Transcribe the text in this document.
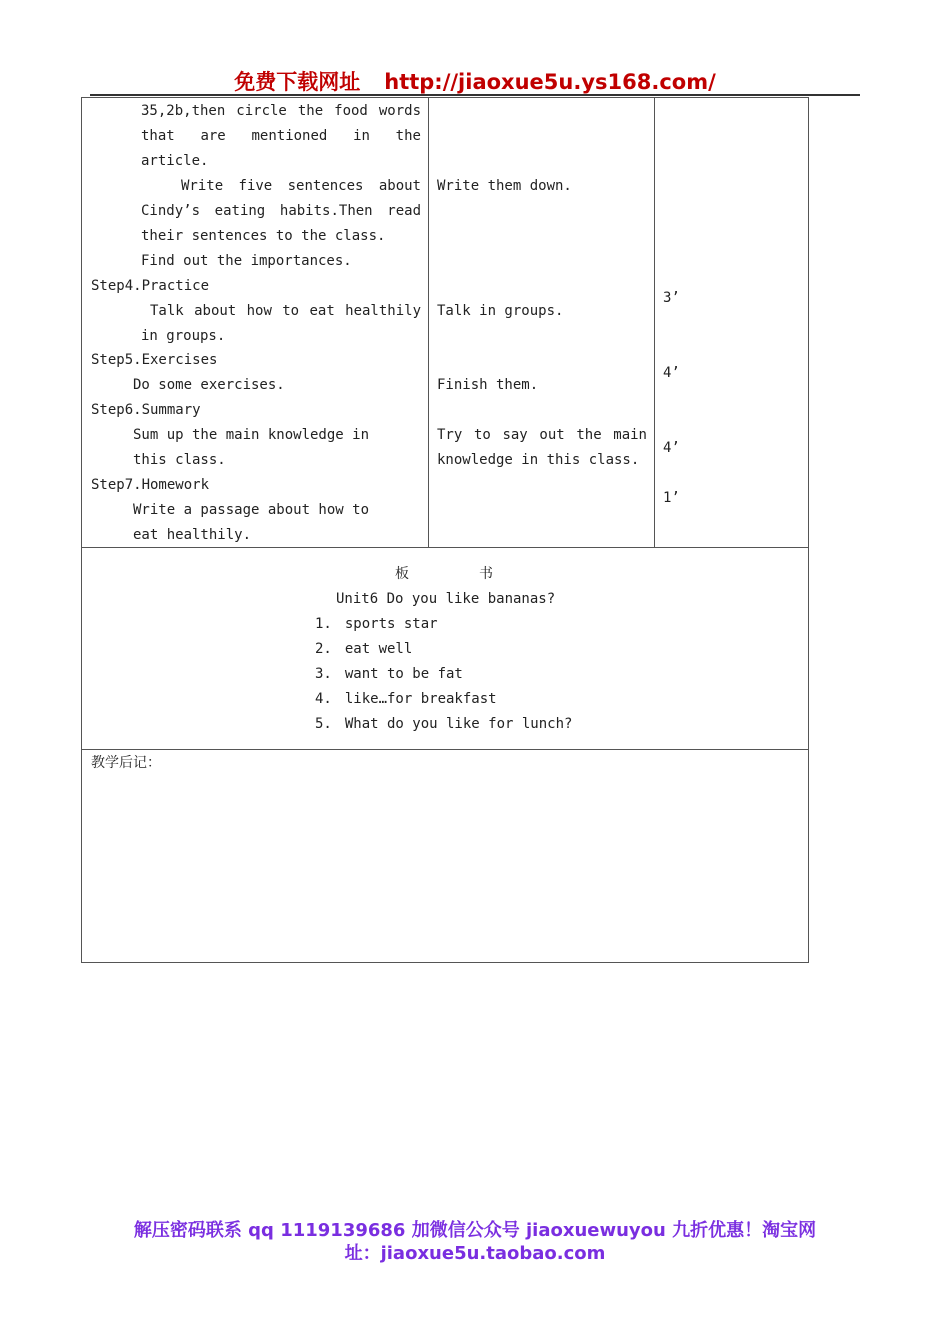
免费下载网址 http://jiaoxue5u.ys168.com/
35,2b,then circle the food words
that are mentioned in the
article.
Write five sentences about
Cindy’s eating habits.Then read
their sentences to the class.
Find out the importances.
Step4.Practice
Talk about how to eat healthily
in groups.
Step5.Exercises
Do some exercises.
Step6.Summary
Sum up the main knowledge in
this class.
Step7.Homework
Write a passage about how to
eat healthily.
Write them down.
Talk in groups.
Finish them.
Try to say out the main
knowledge in this class.
3’
4’
4’
1’
板	书
Unit6 Do you like bananas?
1. sports star
2. eat well
3. want to be fat
4. like…for breakfast
5. What do you like for lunch?
教学后记：
解压密码联系 qq 1119139686 加微信公众号 jiaoxuewuyou 九折优惠！淘宝网
址：jiaoxue5u.taobao.com
